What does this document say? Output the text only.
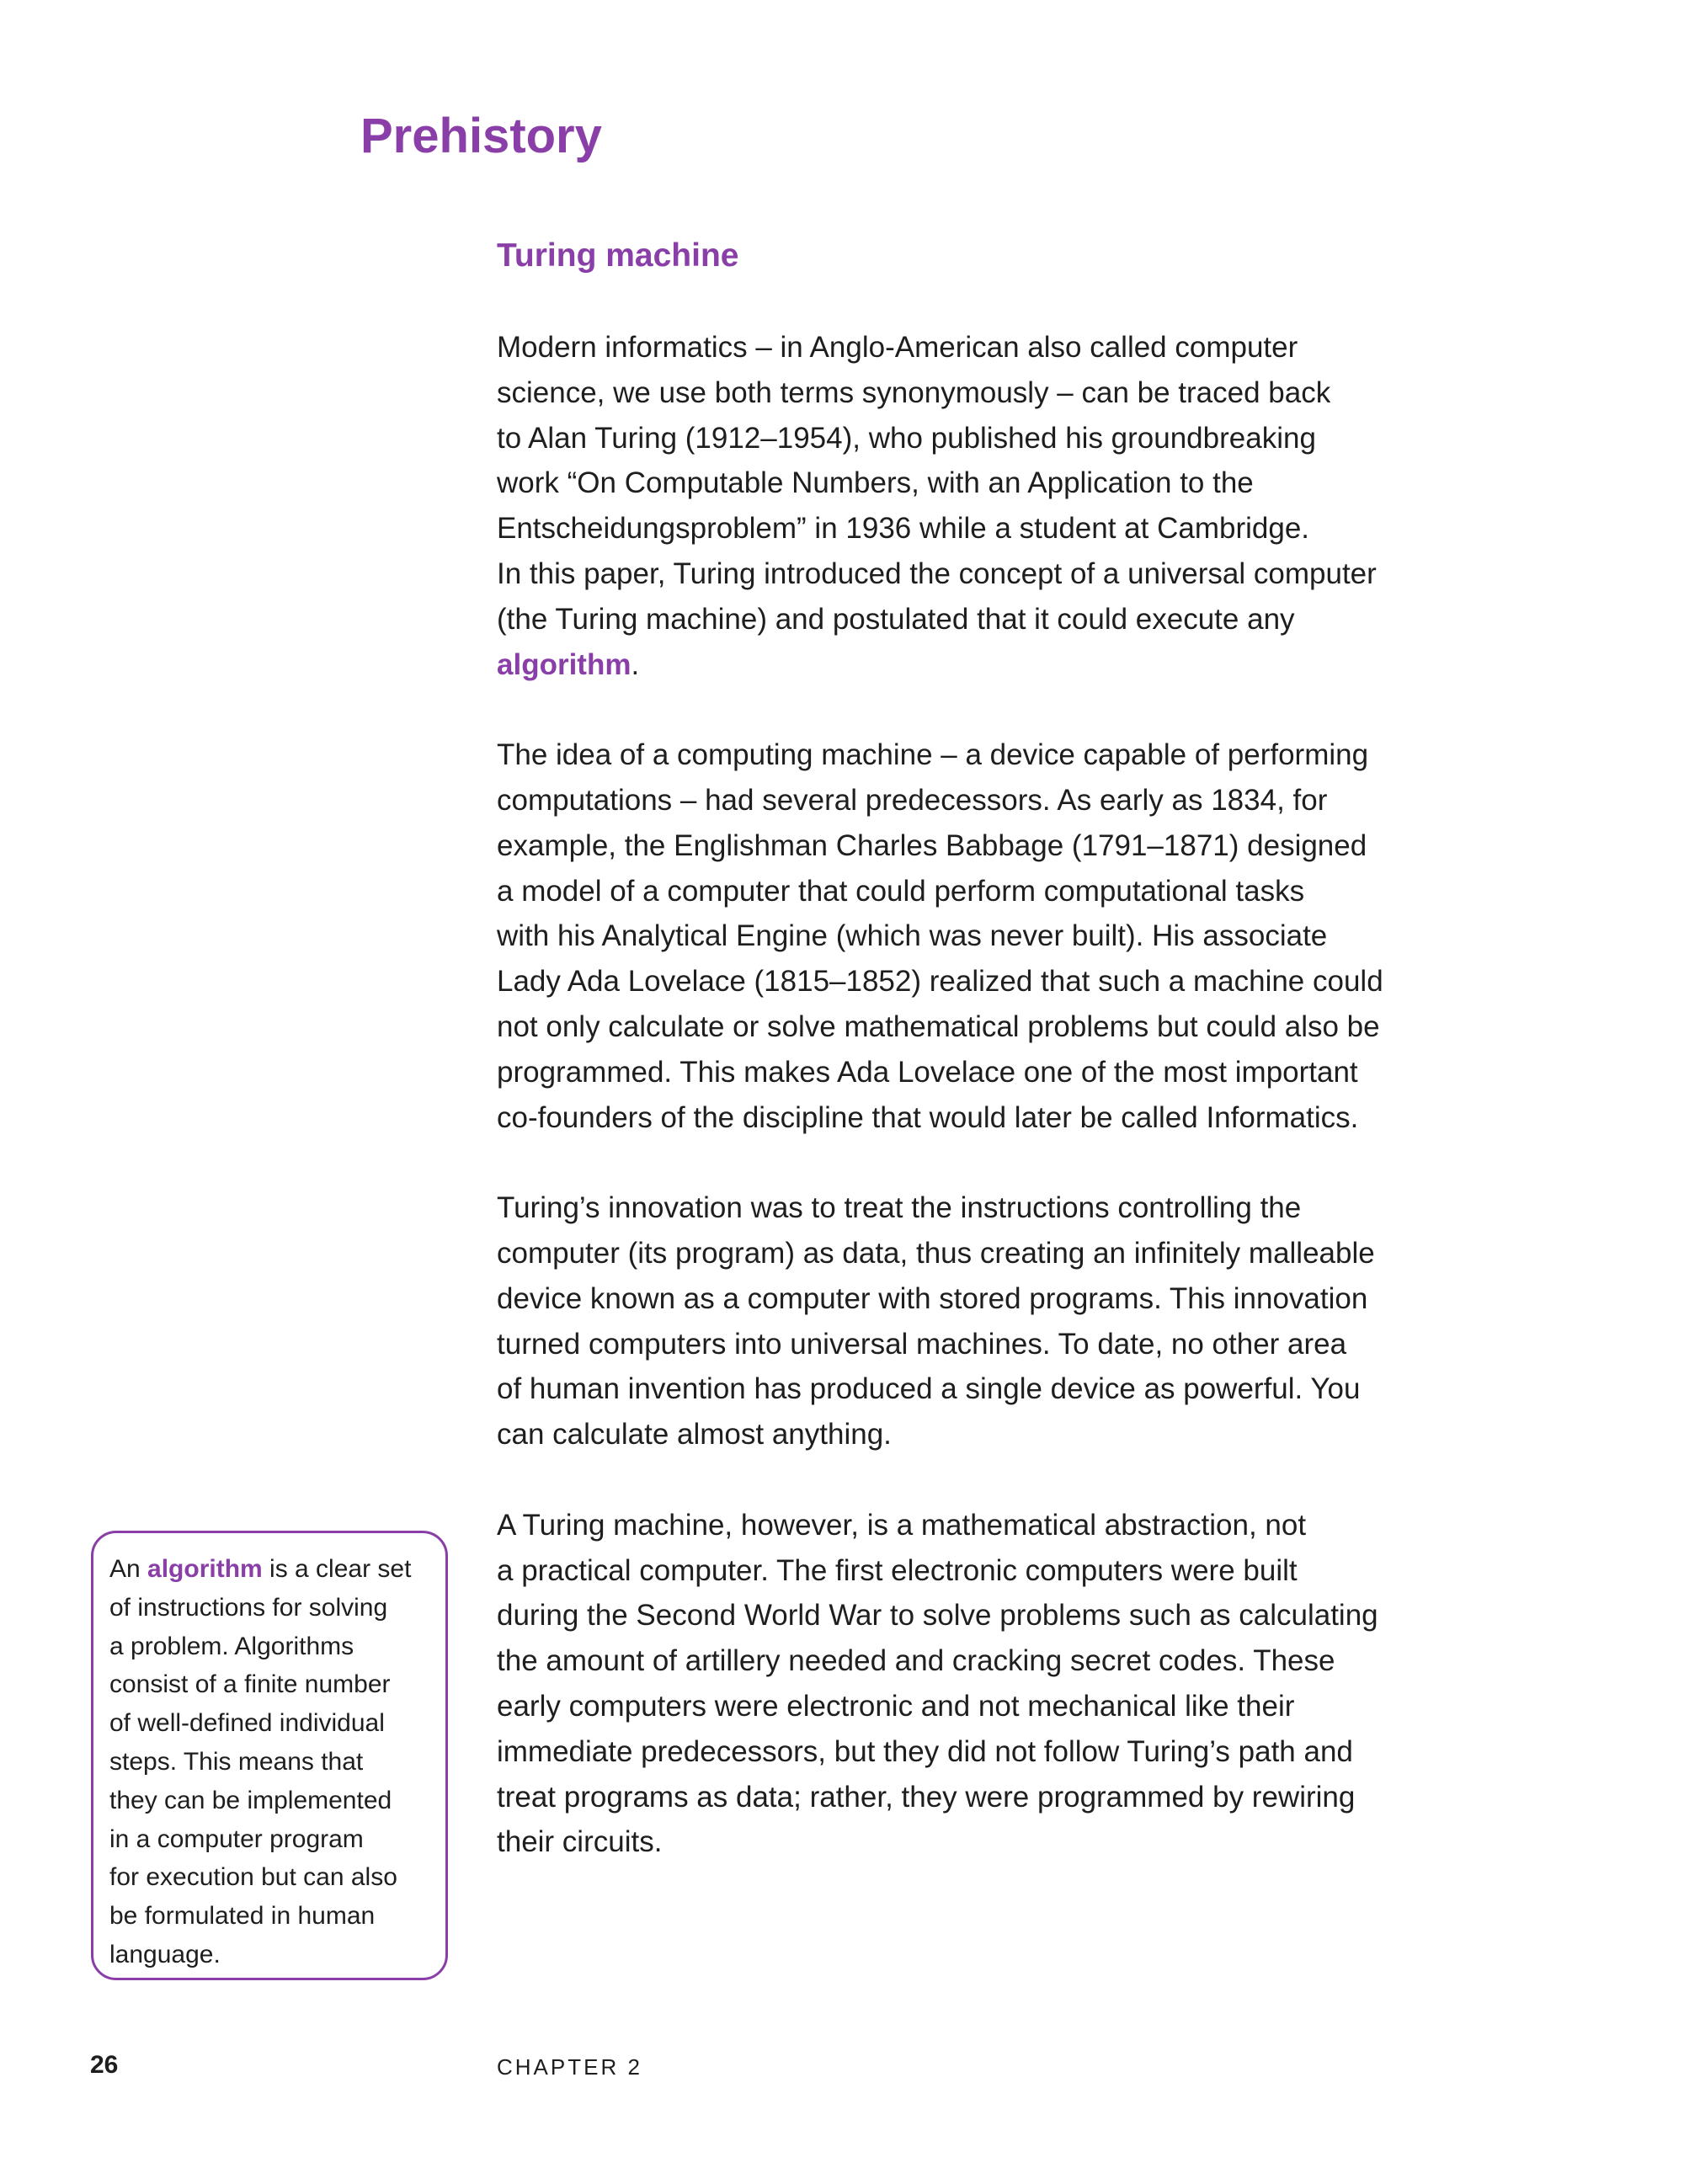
Prehistory
Turing machine

Modern informatics – in Anglo-American also called computer
science, we use both terms synonymously – can be traced back
to Alan Turing (1912–1954), who published his groundbreaking
work “On Computable Numbers, with an Application to the
Entscheidungsproblem” in 1936 while a student at Cambridge.
In this paper, Turing introduced the concept of a universal computer
(the Turing machine) and postulated that it could execute any
algorithm.

The idea of a computing machine – a device capable of performing
computations – had several predecessors. As early as 1834, for
example, the Englishman Charles Babbage (1791–1871) designed
a model of a computer that could perform computational tasks
with his Analytical Engine (which was never built). His associate
Lady Ada Lovelace (1815–1852) realized that such a machine could
not only calculate or solve mathematical problems but could also be
programmed. This makes Ada Lovelace one of the most important
co-founders of the discipline that would later be called Informatics.

Turing’s innovation was to treat the instructions controlling the
computer (its program) as data, thus creating an infinitely malleable
device known as a computer with stored programs. This innovation
turned computers into universal machines. To date, no other area
of human invention has produced a single device as powerful. You
can calculate almost anything.

A Turing machine, however, is a mathematical abstraction, not
a practical computer. The first electronic computers were built
during the Second World War to solve problems such as calculating
the amount of artillery needed and cracking secret codes. These
early computers were electronic and not mechanical like their
immediate predecessors, but they did not follow Turing’s path and
treat programs as data; rather, they were programmed by rewiring
their circuits.

An algorithm is a clear set
of instructions for solving
a problem. Algorithms
consist of a finite number
of well-defined individual
steps. This means that
they can be implemented
in a computer program
for execution but can also
be formulated in human
language.
26	CHAPTER 2
